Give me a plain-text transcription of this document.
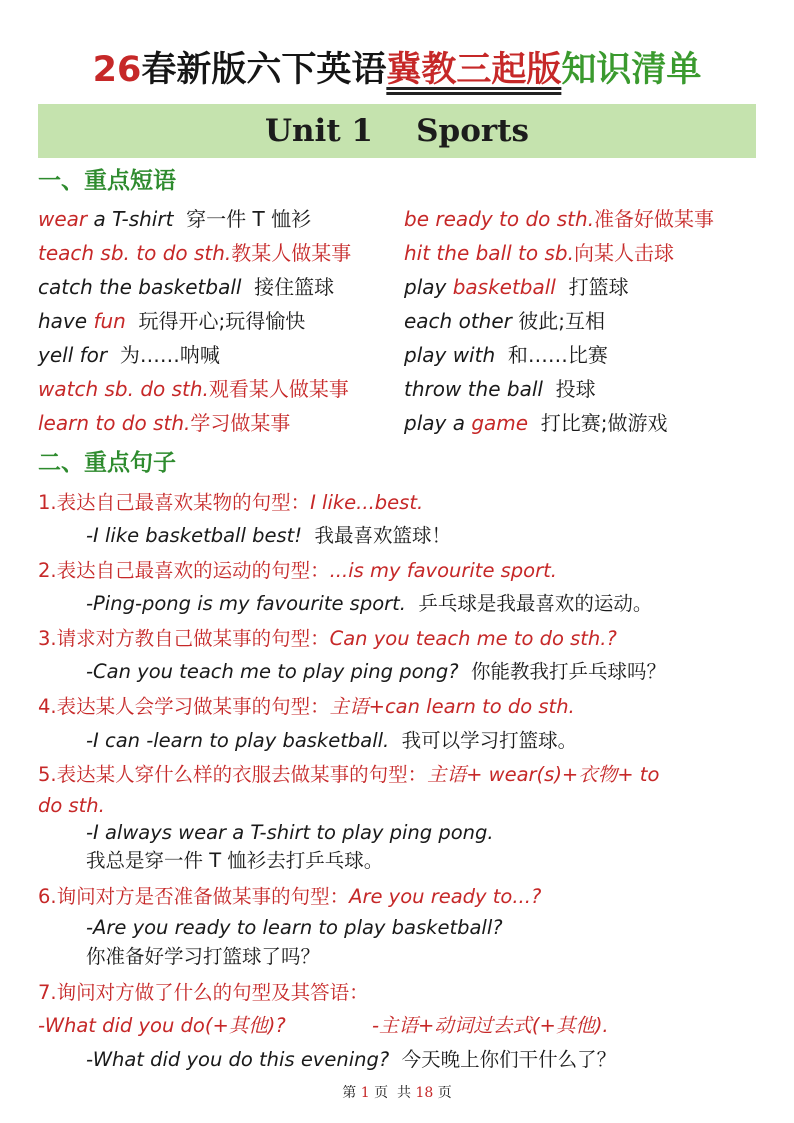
26春新版六下英语冀教三起版知识清单
Unit 1    Sports
一、重点短语
wear a T-shirt  穿一件 T 恤衫
teach sb. to do sth.教某人做某事
catch the basketball  接住篮球
have fun  玩得开心;玩得愉快
yell for  为……呐喊
watch sb. do sth.观看某人做某事
learn to do sth.学习做某事
be ready to do sth.准备好做某事
hit the ball to sb.向某人击球
play basketball  打篮球
each other 彼此;互相
play with  和……比赛
throw the ball  投球
play a game  打比赛;做游戏
二、重点句子
1.表达自己最喜欢某物的句型：I like...best.
-I like basketball best!  我最喜欢篮球！
2.表达自己最喜欢的运动的句型：...is my favourite sport.
-Ping-pong is my favourite sport.  乒乓球是我最喜欢的运动。
3.请求对方教自己做某事的句型：Can you teach me to do sth.?
-Can you teach me to play ping pong?  你能教我打乒乓球吗？
4.表达某人会学习做某事的句型：主语+can learn to do sth.
-I can -learn to play basketball.  我可以学习打篮球。
5.表达某人穿什么样的衣服去做某事的句型：主语+ wear(s)+衣物+ to
do sth.
-I always wear a T-shirt to play ping pong.
我总是穿一件 T 恤衫去打乒乓球。
6.询问对方是否准备做某事的句型：Are you ready to...?
-Are you ready to learn to play basketball?
你准备好学习打篮球了吗？
7.询问对方做了什么的句型及其答语：
-What did you do(+其他)?	-主语+动词过去式(+其他).
-What did you do this evening?  今天晚上你们干什么了？
第 1 页  共 18 页
